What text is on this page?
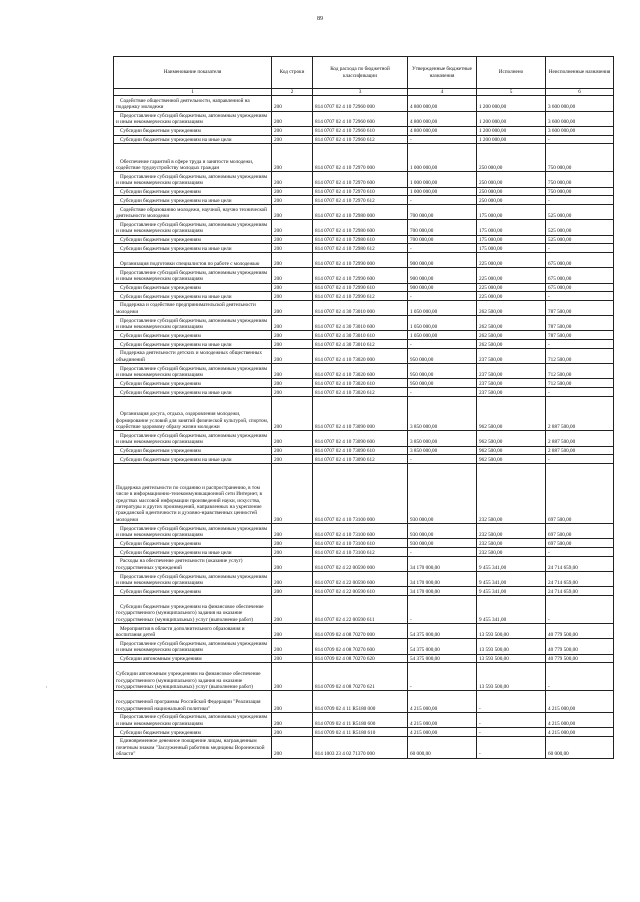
89
'
Наименование показателя	Код строки	Код расхода по бюджетной классификации	Утвержденные бюджетные назначения	Исполнено	Неисполненные назначения
1	2	3	4	5	6
Содействие общественной деятельности, направленной на поддержку молодежи	200	814 0707 02 4 10 72960 000	4 800 000,00	1 200 000,00	3 600 000,00
Предоставление субсидий бюджетным, автономным учреждениям и иным некоммерческим организациям	200	814 0707 02 4 10 72960 600	4 800 000,00	1 200 000,00	3 600 000,00
Субсидии бюджетным учреждениям	200	814 0707 02 4 10 72960 610	4 800 000,00	1 200 000,00	3 600 000,00
Субсидии бюджетным учреждениям на иные цели	200	814 0707 02 4 10 72960 612	-	1 200 000,00	-
Обеспечение гарантий в сфере труда и занятости молодежи, содействие трудоустройству молодых граждан	200	814 0707 02 4 10 72970 000	1 000 000,00	250 000,00	750 000,00
Предоставление субсидий бюджетным, автономным учреждениям и иным некоммерческим организациям	200	814 0707 02 4 10 72970 600	1 000 000,00	250 000,00	750 000,00
Субсидии бюджетным учреждениям	200	814 0707 02 4 10 72970 610	1 000 000,00	250 000,00	750 000,00
Субсидии бюджетным учреждениям на иные цели	200	814 0707 02 4 10 72970 612	-	250 000,00	-
Содействие образованию молодежи, научной, научно технической деятельности молодежи	200	814 0707 02 4 10 72980 000	700 000,00	175 000,00	525 000,00
Предоставление субсидий бюджетным, автономным учреждениям и иным некоммерческим организациям	200	814 0707 02 4 10 72980 600	700 000,00	175 000,00	525 000,00
Субсидии бюджетным учреждениям	200	814 0707 02 4 10 72980 610	700 000,00	175 000,00	525 000,00
Субсидии бюджетным учреждениям на иные цели	200	814 0707 02 4 10 72980 612	-	175 000,00	-
Организация подготовки специалистов по работе с молодежью	200	814 0707 02 4 10 72990 000	900 000,00	225 000,00	675 000,00
Предоставление субсидий бюджетным, автономным учреждениям и иным некоммерческим организациям	200	814 0707 02 4 10 72990 600	900 000,00	225 000,00	675 000,00
Субсидии бюджетным учреждениям	200	814 0707 02 4 10 72990 610	900 000,00	225 000,00	675 000,00
Субсидии бюджетным учреждениям на иные цели	200	814 0707 02 4 10 72990 612	-	225 000,00	-
Поддержка и содействие предпринимательской деятельности молодежи	200	814 0707 02 4 30 73010 000	1 050 000,00	262 500,00	787 500,00
Предоставление субсидий бюджетным, автономным учреждениям и иным некоммерческим организациям	200	814 0707 02 4 30 73010 600	1 050 000,00	262 500,00	787 500,00
Субсидии бюджетным учреждениям	200	814 0707 02 4 30 73010 610	1 050 000,00	262 500,00	787 500,00
Субсидии бюджетным учреждениям на иные цели	200	814 0707 02 4 30 73010 612	-	262 500,00	-
Поддержка деятельности детских и молодежных общественных объединений	200	814 0707 02 4 10 73020 000	950 000,00	237 500,00	712 500,00
Предоставление субсидий бюджетным, автономным учреждениям и иным некоммерческим организациям	200	814 0707 02 4 10 73020 600	950 000,00	237 500,00	712 500,00
Субсидии бюджетным учреждениям	200	814 0707 02 4 10 73020 610	950 000,00	237 500,00	712 500,00
Субсидии бюджетным учреждениям на иные цели	200	814 0707 02 4 10 73020 612	-	237 500,00	-
Организация досуга, отдыха, оздоровления молодежи, формирование условий для занятий физической культурой, спортом, содействие здоровому образу жизни молодежи	200	814 0707 02 4 10 73090 000	3 850 000,00	962 500,00	2 887 500,00
Предоставление субсидий бюджетным, автономным учреждениям и иным некоммерческим организациям	200	814 0707 02 4 10 73090 600	3 850 000,00	962 500,00	2 887 500,00
Субсидии бюджетным учреждениям	200	814 0707 02 4 10 73090 610	3 850 000,00	962 500,00	2 887 500,00
Субсидии бюджетным учреждениям на иные цели	200	814 0707 02 4 10 73090 612	-	962 500,00	-
Поддержка деятельности по созданию и распространению, в том числе в информационно-телекоммуникационной сети Интернет, в средствах массовой информации произведений науки, искусства, литературы и других произведений, направленных на укрепление гражданской идентичности и духовно-нравственных ценностей молодежи	200	814 0707 02 4 10 73100 000	930 000,00	232 500,00	697 500,00
Предоставление субсидий бюджетным, автономным учреждениям и иным некоммерческим организациям	200	814 0707 02 4 10 73100 600	930 000,00	232 500,00	697 500,00
Субсидии бюджетным учреждениям	200	814 0707 02 4 10 73100 610	930 000,00	232 500,00	697 500,00
Субсидии бюджетным учреждениям на иные цели	200	814 0707 02 4 10 73100 612	-	232 500,00	-
Расходы на обеспечение деятельности (оказание услуг) государственных учреждений	200	814 0707 02 4 22 00590 000	34 170 000,00	9 455 341,00	24 714 659,00
Предоставление субсидий бюджетным, автономным учреждениям и иным некоммерческим организациям	200	814 0707 02 4 22 00590 600	34 170 000,00	9 455 341,00	24 714 659,00
Субсидии бюджетным учреждениям	200	814 0707 02 4 22 00590 610	34 170 000,00	9 455 341,00	24 714 659,00
Субсидии бюджетным учреждениям на финансовое обеспечение государственного (муниципального) задания на оказание государственных (муниципальных) услуг (выполнение работ)	200	814 0707 02 4 22 00590 611	-	9 455 341,00	-
Мероприятия в области дополнительного образования и воспитания детей	200	814 0709 02 4 08 70270 000	54 375 000,00	13 593 500,00	40 779 500,00
Предоставление субсидий бюджетным, автономным учреждениям и иным некоммерческим организациям	200	814 0709 02 4 08 70270 600	54 375 000,00	13 593 500,00	40 779 500,00
Субсидии автономным учреждениям	200	814 0709 02 4 08 70270 620	54 375 000,00	13 593 500,00	40 779 500,00
Субсидии автономным учреждениям на финансовое обеспечение государственного (муниципального) задания на оказание государственных (муниципальных) услуг (выполнение работ)	200	814 0709 02 4 08 70270 621	-	13 593 500,00	-
государственной программы Российской Федерации "Реализация государственной национальной политики"	200	814 0709 02 4 11 R5180 000	4 215 000,00	-	4 215 000,00
Предоставление субсидий бюджетным, автономным учреждениям и иным некоммерческим организациям	200	814 0709 02 4 11 R5180 600	4 215 000,00	-	4 215 000,00
Субсидии бюджетным учреждениям	200	814 0709 02 4 11 R5180 610	4 215 000,00	-	4 215 000,00
Единовременное денежное поощрение лицам, награжденным почетным знаком "Заслуженный работник медицины Воронежской области"	200	814 1003 23 4 02 71370 000	60 000,00	-	60 000,00
